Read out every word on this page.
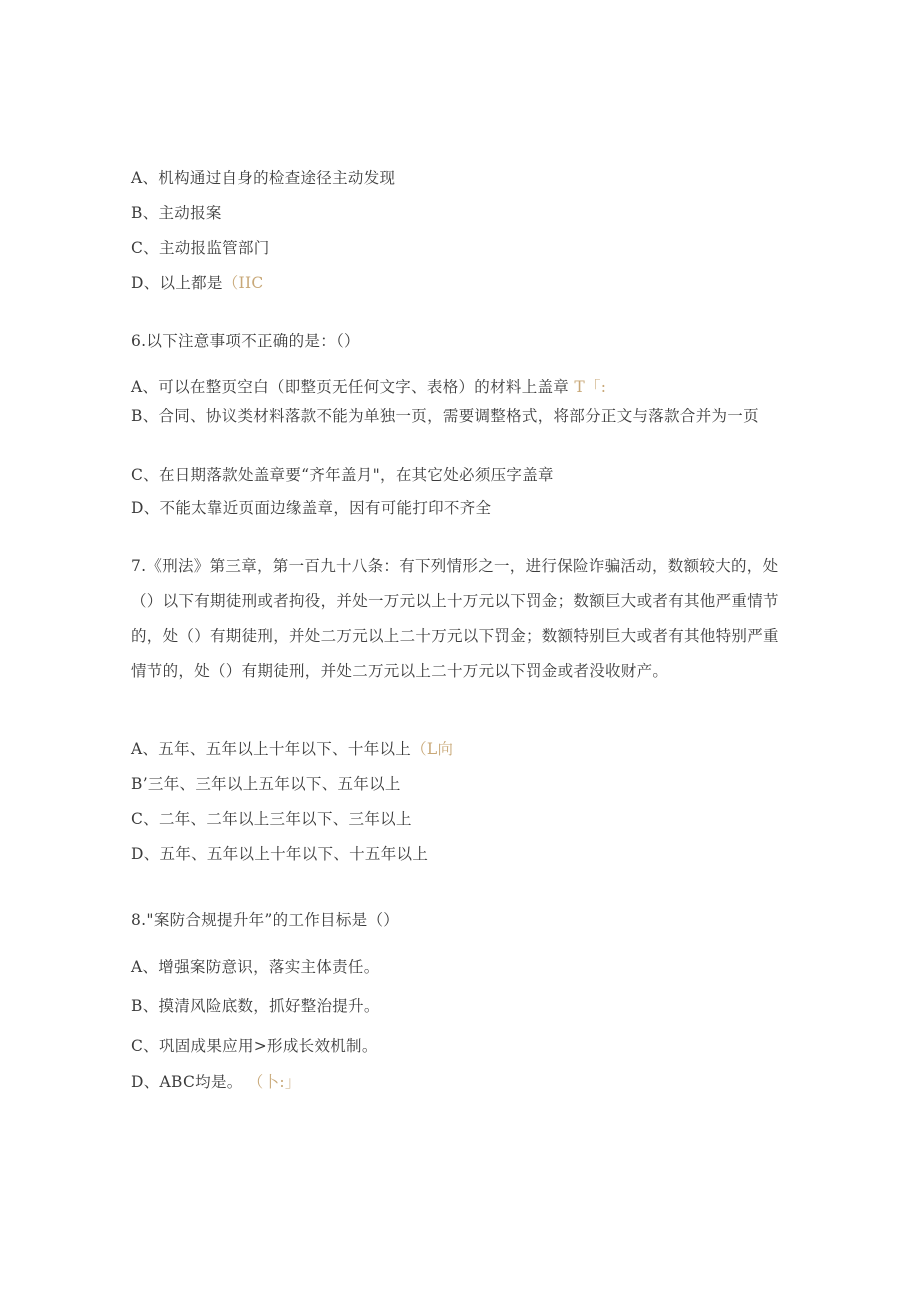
A、机构通过自身的检查途径主动发现
B、主动报案
C、主动报监管部门
D、以上都是（IIC
6.以下注意事项不正确的是：（）
A、可以在整页空白（即整页无任何文字、表格）的材料上盖章 T「:
B、合同、协议类材料落款不能为单独一页，需要调整格式，将部分正文与落款合并为一页
C、在日期落款处盖章要“齐年盖月"，在其它处必须压字盖章
D、不能太靠近页面边缘盖章，因有可能打印不齐全
7.《刑法》第三章，第一百九十八条：有下列情形之一，进行保险诈骗活动，数额较大的，处（）以下有期徒刑或者拘役，并处一万元以上十万元以下罚金；数额巨大或者有其他严重情节的，处（）有期徒刑，并处二万元以上二十万元以下罚金；数额特别巨大或者有其他特别严重情节的，处（）有期徒刑，并处二万元以上二十万元以下罚金或者没收财产。
A、五年、五年以上十年以下、十年以上（L向
B’三年、三年以上五年以下、五年以上
C、二年、二年以上三年以下、三年以上
D、五年、五年以上十年以下、十五年以上
8."案防合规提升年”的工作目标是（）
A、增强案防意识，落实主体责任。
B、摸清风险底数，抓好整治提升。
C、巩固成果应用>形成长效机制。
D、ABC均是。 （卜:」
